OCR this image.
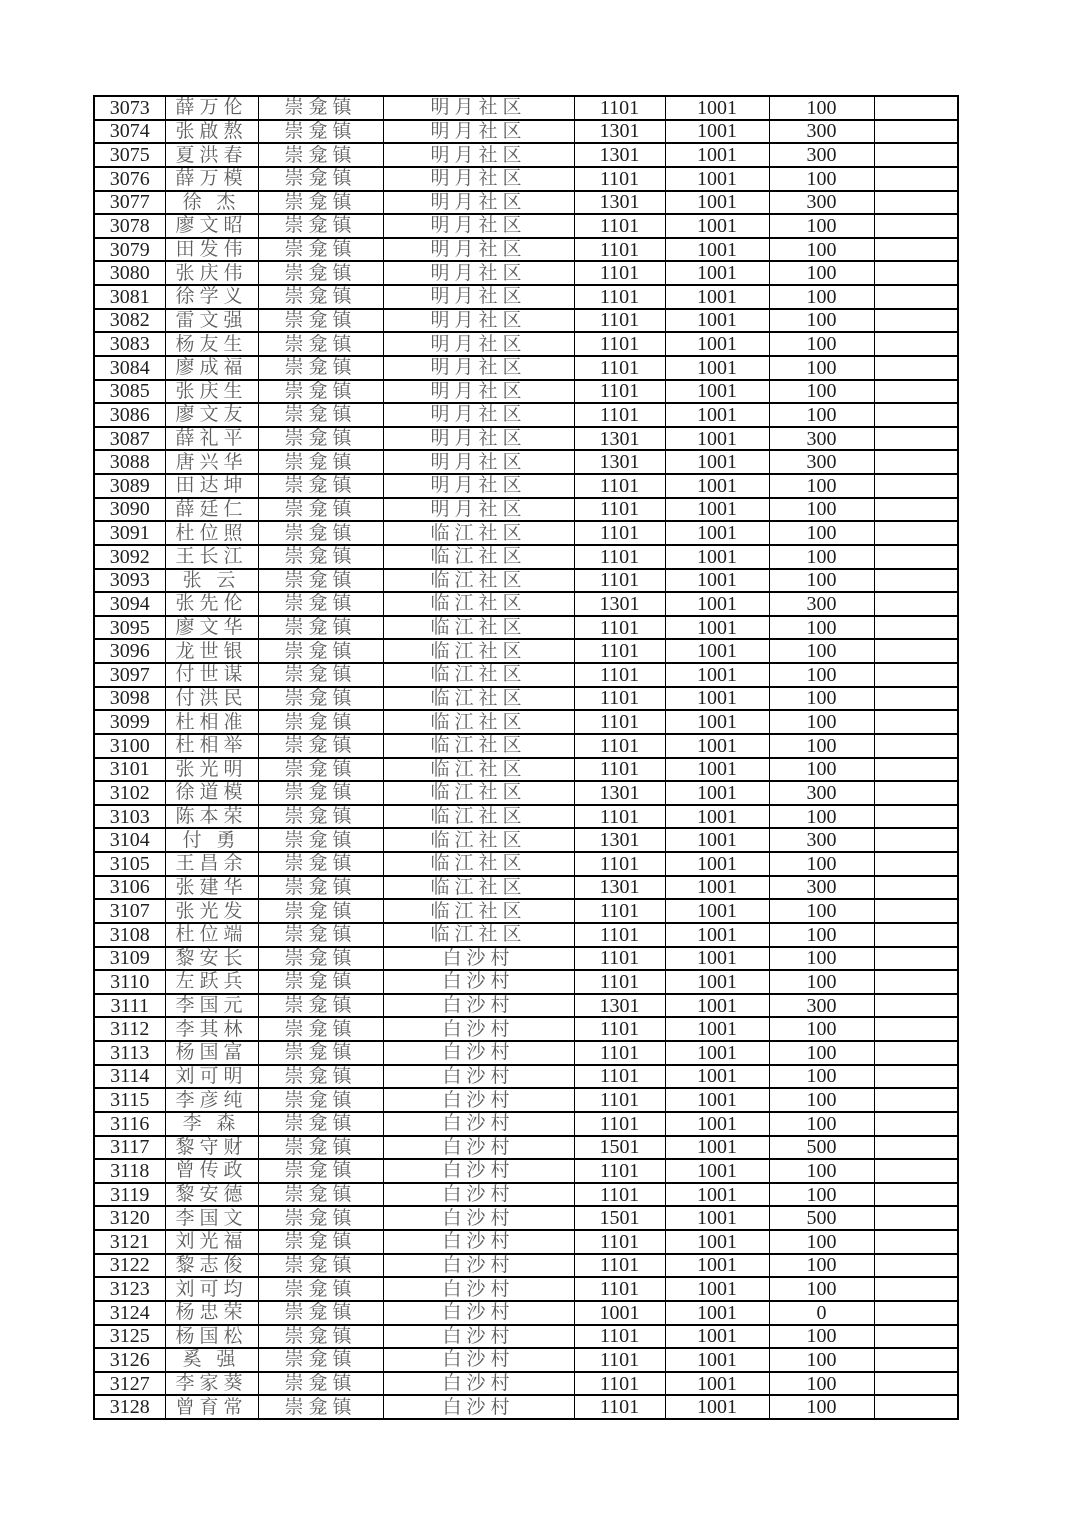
3073	薛万伦	崇龛镇	明月社区	1101	1001	100	
3074	张啟熬	崇龛镇	明月社区	1301	1001	300	
3075	夏洪春	崇龛镇	明月社区	1301	1001	300	
3076	薛万模	崇龛镇	明月社区	1101	1001	100	
3077	徐 杰	崇龛镇	明月社区	1301	1001	300	
3078	廖文昭	崇龛镇	明月社区	1101	1001	100	
3079	田发伟	崇龛镇	明月社区	1101	1001	100	
3080	张庆伟	崇龛镇	明月社区	1101	1001	100	
3081	徐学义	崇龛镇	明月社区	1101	1001	100	
3082	雷文强	崇龛镇	明月社区	1101	1001	100	
3083	杨友生	崇龛镇	明月社区	1101	1001	100	
3084	廖成福	崇龛镇	明月社区	1101	1001	100	
3085	张庆生	崇龛镇	明月社区	1101	1001	100	
3086	廖文友	崇龛镇	明月社区	1101	1001	100	
3087	薛礼平	崇龛镇	明月社区	1301	1001	300	
3088	唐兴华	崇龛镇	明月社区	1301	1001	300	
3089	田达坤	崇龛镇	明月社区	1101	1001	100	
3090	薛廷仁	崇龛镇	明月社区	1101	1001	100	
3091	杜位照	崇龛镇	临江社区	1101	1001	100	
3092	王长江	崇龛镇	临江社区	1101	1001	100	
3093	张 云	崇龛镇	临江社区	1101	1001	100	
3094	张先伦	崇龛镇	临江社区	1301	1001	300	
3095	廖文华	崇龛镇	临江社区	1101	1001	100	
3096	龙世银	崇龛镇	临江社区	1101	1001	100	
3097	付世谋	崇龛镇	临江社区	1101	1001	100	
3098	付洪民	崇龛镇	临江社区	1101	1001	100	
3099	杜相准	崇龛镇	临江社区	1101	1001	100	
3100	杜相举	崇龛镇	临江社区	1101	1001	100	
3101	张光明	崇龛镇	临江社区	1101	1001	100	
3102	徐道模	崇龛镇	临江社区	1301	1001	300	
3103	陈本荣	崇龛镇	临江社区	1101	1001	100	
3104	付 勇	崇龛镇	临江社区	1301	1001	300	
3105	王昌余	崇龛镇	临江社区	1101	1001	100	
3106	张建华	崇龛镇	临江社区	1301	1001	300	
3107	张光发	崇龛镇	临江社区	1101	1001	100	
3108	杜位端	崇龛镇	临江社区	1101	1001	100	
3109	黎安长	崇龛镇	白沙村	1101	1001	100	
3110	左跃兵	崇龛镇	白沙村	1101	1001	100	
3111	李国元	崇龛镇	白沙村	1301	1001	300	
3112	李其林	崇龛镇	白沙村	1101	1001	100	
3113	杨国富	崇龛镇	白沙村	1101	1001	100	
3114	刘可明	崇龛镇	白沙村	1101	1001	100	
3115	李彦纯	崇龛镇	白沙村	1101	1001	100	
3116	李 森	崇龛镇	白沙村	1101	1001	100	
3117	黎守财	崇龛镇	白沙村	1501	1001	500	
3118	曾传政	崇龛镇	白沙村	1101	1001	100	
3119	黎安德	崇龛镇	白沙村	1101	1001	100	
3120	李国文	崇龛镇	白沙村	1501	1001	500	
3121	刘光福	崇龛镇	白沙村	1101	1001	100	
3122	黎志俊	崇龛镇	白沙村	1101	1001	100	
3123	刘可均	崇龛镇	白沙村	1101	1001	100	
3124	杨忠荣	崇龛镇	白沙村	1001	1001	0	
3125	杨国松	崇龛镇	白沙村	1101	1001	100	
3126	奚 强	崇龛镇	白沙村	1101	1001	100	
3127	李家葵	崇龛镇	白沙村	1101	1001	100	
3128	曾育常	崇龛镇	白沙村	1101	1001	100	
